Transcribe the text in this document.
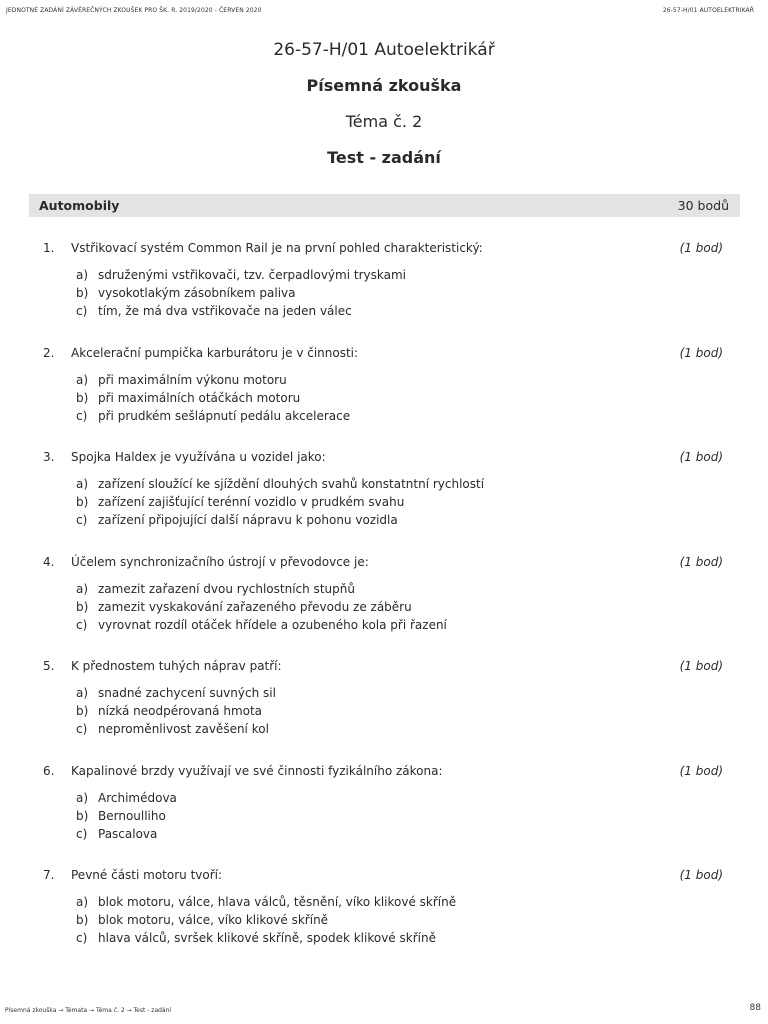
JEDNOTNÉ ZADÁNÍ ZÁVĚREČNÝCH ZKOUŠEK PRO ŠK. R. 2019/2020 - ČERVEN 2020	26-57-H/01 AUTOELEKTRIKÁŘ
26-57-H/01 Autoelektrikář
Písemná zkouška
Téma č. 2
Test - zadání
Automobily	30 bodů
1. Vstřikovací systém Common Rail je na první pohled charakteristický:	(1 bod)
a) sdruženými vstřikovači, tzv. čerpadlovými tryskami
b) vysokotlakým zásobníkem paliva
c) tím, že má dva vstřikovače na jeden válec
2. Akcelerační pumpička karburátoru je v činnosti:	(1 bod)
a) při maximálním výkonu motoru
b) při maximálních otáčkách motoru
c) při prudkém sešlápnutí pedálu akcelerace
3. Spojka Haldex je využívána u vozidel jako:	(1 bod)
a) zařízení sloužící ke sjíždění dlouhých svahů konstatntní rychlostí
b) zařízení zajišťující terénní vozidlo v prudkém svahu
c) zařízení připojující další nápravu k pohonu vozidla
4. Účelem synchronizačního ústrojí v převodovce je:	(1 bod)
a) zamezit zařazení dvou rychlostních stupňů
b) zamezit vyskakování zařazeného převodu ze záběru
c) vyrovnat rozdíl otáček hřídele a ozubeného kola při řazení
5. K přednostem tuhých náprav patří:	(1 bod)
a) snadné zachycení suvných sil
b) nízká neodpérovaná hmota
c) neproměnlivost zavěšení kol
6. Kapalinové brzdy využívají ve své činnosti fyzikálního zákona:	(1 bod)
a) Archimédova
b) Bernoulliho
c) Pascalova
7. Pevné části motoru tvoří:	(1 bod)
a) blok motoru, válce, hlava válců, těsnění, víko klikové skříně
b) blok motoru, válce, víko klikové skříně
c) hlava válců, svršek klikové skříně, spodek klikové skříně
Písemná zkouška → Témata → Téma č. 2 → Test - zadání	88
